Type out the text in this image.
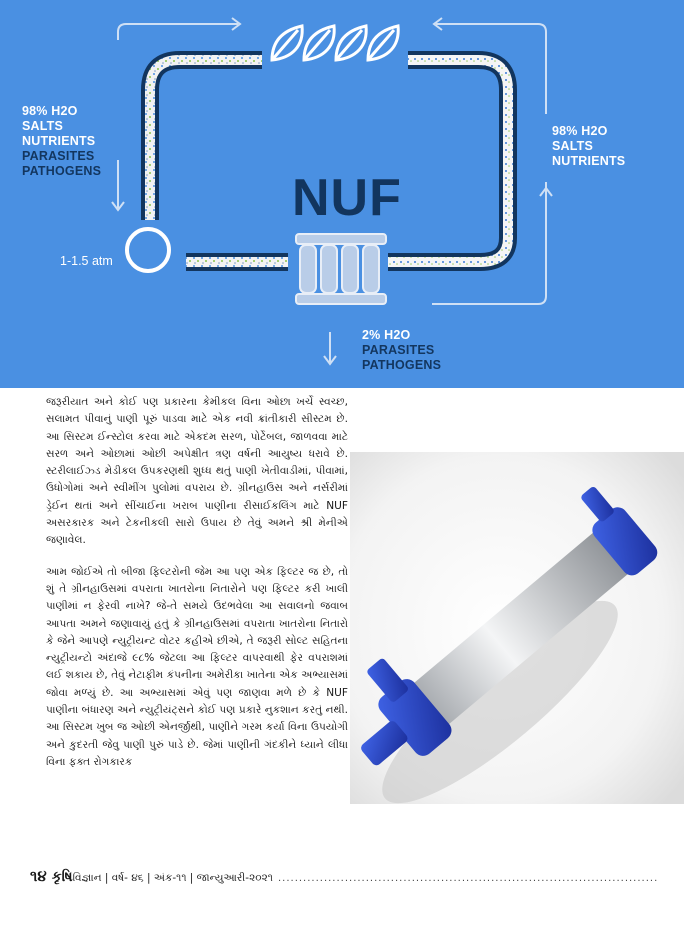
NUF
98% H2O
SALTS
NUTRIENTS
PARASITES
PATHOGENS
98% H2O
SALTS
NUTRIENTS
2% H2O
PARASITES
PATHOGENS
1-1.5 atm

જરૂરીયાત અને કોઈ પણ પ્રકારના કેમીકલ વિના ઓછા ખર્ચે સ્વચ્છ, સલામત પીવાનું પાણી પૂરું પાડવા માટે એક નવી ક્રાંતીકારી સીસ્ટમ છે. આ સિસ્ટમ ઈન્સ્ટોલ કરવા માટે એકદમ સરળ, પોર્ટેબલ, જાળવવા માટે સરળ અને ઓછામાં ઓછી અપેક્ષીત ત્રણ વર્ષની આયુષ્ય ધરાવે છે. સ્ટરીલાઈઝ્ડ મેડીકલ ઉપકરણથી શુધ્ધ થતું પાણી ખેતીવાડીમાં, પીવામાં, ઉધોગોમાં અને સ્વીમીંગ પુલોમાં વપરાય છે. ગ્રીનહાઉસ અને નર્સરીમાં ડ્રેઈન થતાં અને સીંચાઈના ખરાબ પાણીના રીસાઈકલિંગ માટે NUF અસરકારક અને ટેકનીકલી સારો ઉપાય છે તેવું અમને શ્રી મેનીએ જણાવેલ.

આમ જોઈએ તો બીજા ફિલ્ટરોની જેમ આ પણ એક ફિલ્ટર જ છે, તો શું તે ગ્રીનહાઉસમાં વપરાતા ખાતરોના નિતારોને પણ ફિલ્ટર કરી ખાલી પાણીમાં ન ફેરવી નાખે? જે-તે સમયે ઉદભવેલા આ સવાલનો જવાબ આપતા અમને જણાવાયું હતું કે ગ્રીનહાઉસમાં વપરાતા ખાતરોના નિતારો કે જેને આપણે ન્યુટ્રીયન્ટ વોટર કહીએ છીએ, તે જરૂરી સોલ્ટ સહિતના ન્યુટ્રીયન્ટો અંદાજે ૯૮% જેટલા આ ફિલ્ટર વાપરવાથી ફેર વપરાશમાં લઈ શકાય છે, તેવું નેટાફીમ કંપનીના અમેરીકા ખાતેના એક અભ્યાસમાં જોવા મળ્યું છે. આ અભ્યાસમાં એવું પણ જાણવા મળે છે કે NUF પાણીના બંધારણ અને ન્યુટ્રીયંટ્સને કોઈ પણ પ્રકારે નુકશાન કરતું નથી. આ સિસ્ટમ ખુબ જ ઓછી એનર્જીથી, પાણીને ગરમ કર્યા વિના ઉપયોગી અને કુદરતી જેવુ પાણી પુરું પાડે છે. જેમાં પાણીની ગંદકીને ધ્યાને લીધા વિના ફક્ત રોગકારક

૧૪ કૃષિવિજ્ઞાન | વર્ષ- ૪૬ | અંક-૧૧ | જાન્યુઆરી-૨૦૨૧ ...........................................................................................
